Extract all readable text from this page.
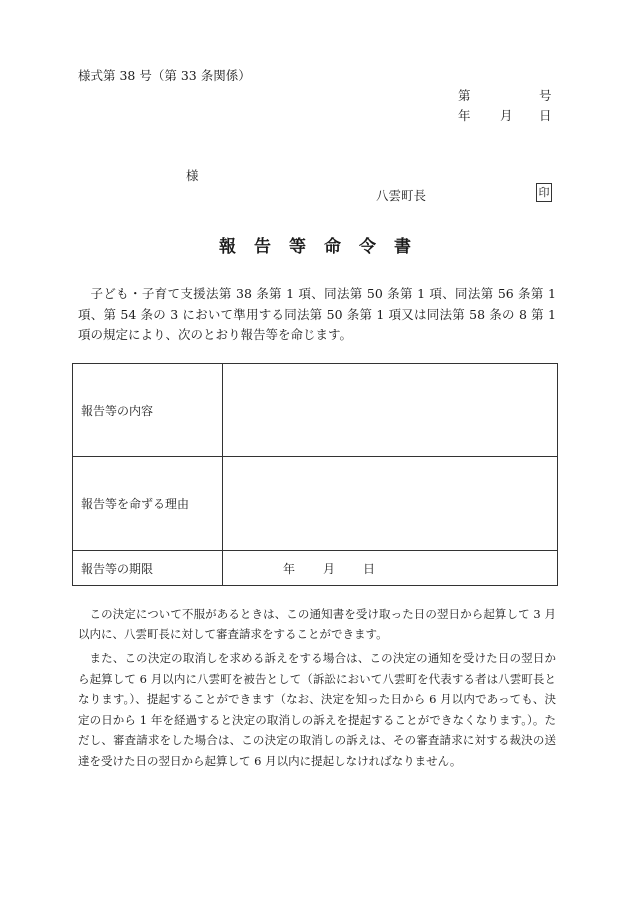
様式第 38 号（第 33 条関係）
第	号
年 月 日
様
八雲町長	印
報告等命令書
子ども・子育て支援法第 38 条第 1 項、同法第 50 条第 1 項、同法第 56 条第 1 項、第 54 条の 3 において準用する同法第 50 条第 1 項又は同法第 58 条の 8 第 1 項の規定により、次のとおり報告等を命じます。
報告等の内容	
報告等を命ずる理由	
報告等の期限	年 月 日
この決定について不服があるときは、この通知書を受け取った日の翌日から起算して 3 月以内に、八雲町長に対して審査請求をすることができます。
また、この決定の取消しを求める訴えをする場合は、この決定の通知を受けた日の翌日から起算して 6 月以内に八雲町を被告として（訴訟において八雲町を代表する者は八雲町長となります。）、提起することができます（なお、決定を知った日から 6 月以内であっても、決定の日から 1 年を経過すると決定の取消しの訴えを提起することができなくなります。）。ただし、審査請求をした場合は、この決定の取消しの訴えは、その審査請求に対する裁決の送達を受けた日の翌日から起算して 6 月以内に提起しなければなりません。
